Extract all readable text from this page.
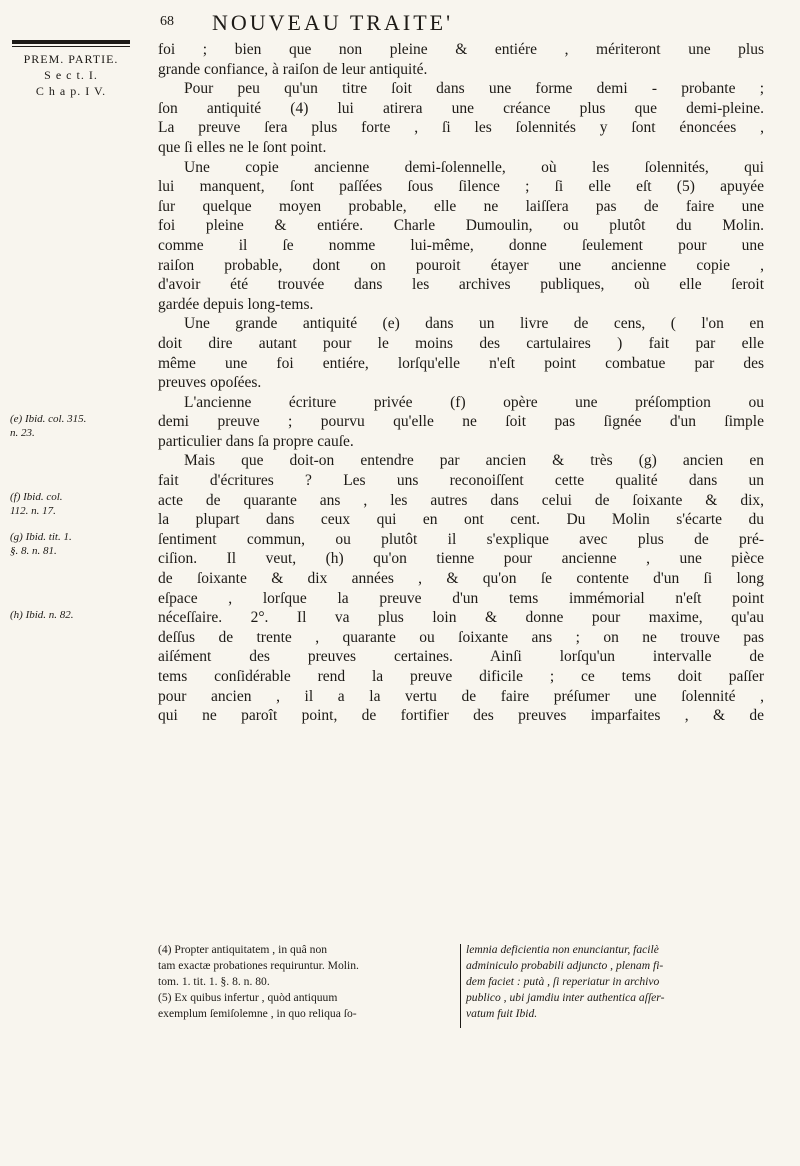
68 NOUVEAU TRAITE'
PREM. PARTIE.
S e c t. I.
C h a p. I V.
(e) Ibid. col. 315.
n. 23.
(f) Ibid. col.
112. n. 17.
(g) Ibid. tit. 1.
§. 8. n. 81.
(h) Ibid. n. 82.
foi ; bien que non pleine & entiére , mériteront une plus
grande confiance, à raiſon de leur antiquité.
Pour peu qu'un titre ſoit dans une forme demi - probante ;
ſon antiquité (4) lui atirera une créance plus que demi-pleine.
La preuve ſera plus forte , ſi les ſolennités y ſont énoncées ,
que ſi elles ne le ſont point.
Une copie ancienne demi-ſolennelle, où les ſolennités, qui
lui manquent, ſont paſſées ſous ſilence ; ſi elle eſt (5) apuyée
ſur quelque moyen probable, elle ne laiſſera pas de faire une
foi pleine & entiére. Charle Dumoulin, ou plutôt du Molin.
comme il ſe nomme lui-même, donne ſeulement pour une
raiſon probable, dont on pouroit étayer une ancienne copie ,
d'avoir été trouvée dans les archives publiques, où elle ſeroit
gardée depuis long-tems.
Une grande antiquité (e) dans un livre de cens, ( l'on en
doit dire autant pour le moins des cartulaires ) fait par elle
même une foi entiére, lorſqu'elle n'eſt point combatue par des
preuves opoſées.
L'ancienne écriture privée (f) opère une préſomption ou
demi preuve ; pourvu qu'elle ne ſoit pas ſignée d'un ſimple
particulier dans ſa propre cauſe.
Mais que doit-on entendre par ancien & très (g) ancien en
fait d'écritures ? Les uns reconoiſſent cette qualité dans un
acte de quarante ans , les autres dans celui de ſoixante & dix,
la plupart dans ceux qui en ont cent. Du Molin s'écarte du
ſentiment commun, ou plutôt il s'explique avec plus de pré-
ciſion. Il veut, (h) qu'on tienne pour ancienne , une pièce
de ſoixante & dix années , & qu'on ſe contente d'un ſi long
eſpace , lorſque la preuve d'un tems immémorial n'eſt point
néceſſaire. 2°. Il va plus loin & donne pour maxime, qu'au
deſſus de trente , quarante ou ſoixante ans ; on ne trouve pas
aiſément des preuves certaines. Ainſi lorſqu'un intervalle de
tems conſidérable rend la preuve dificile ; ce tems doit paſſer
pour ancien , il a la vertu de faire préſumer une ſolennité ,
qui ne paroît point, de fortifier des preuves imparfaites , & de
(4) Propter antiquitatem , in quâ non
tam exactæ probationes requiruntur. Molin.
tom. 1. tit. 1. §. 8. n. 80.
(5) Ex quibus infertur , quòd antiquum
exemplum ſemiſolemne , in quo reliqua ſo-
lemnia deficientia non enunciantur, facilè
adminiculo probabili adjuncto , plenam fi-
dem faciet : putà , ſi reperiatur in archivo
publico , ubi jamdiu inter authentica aſſer-
vatum fuit Ibid.
